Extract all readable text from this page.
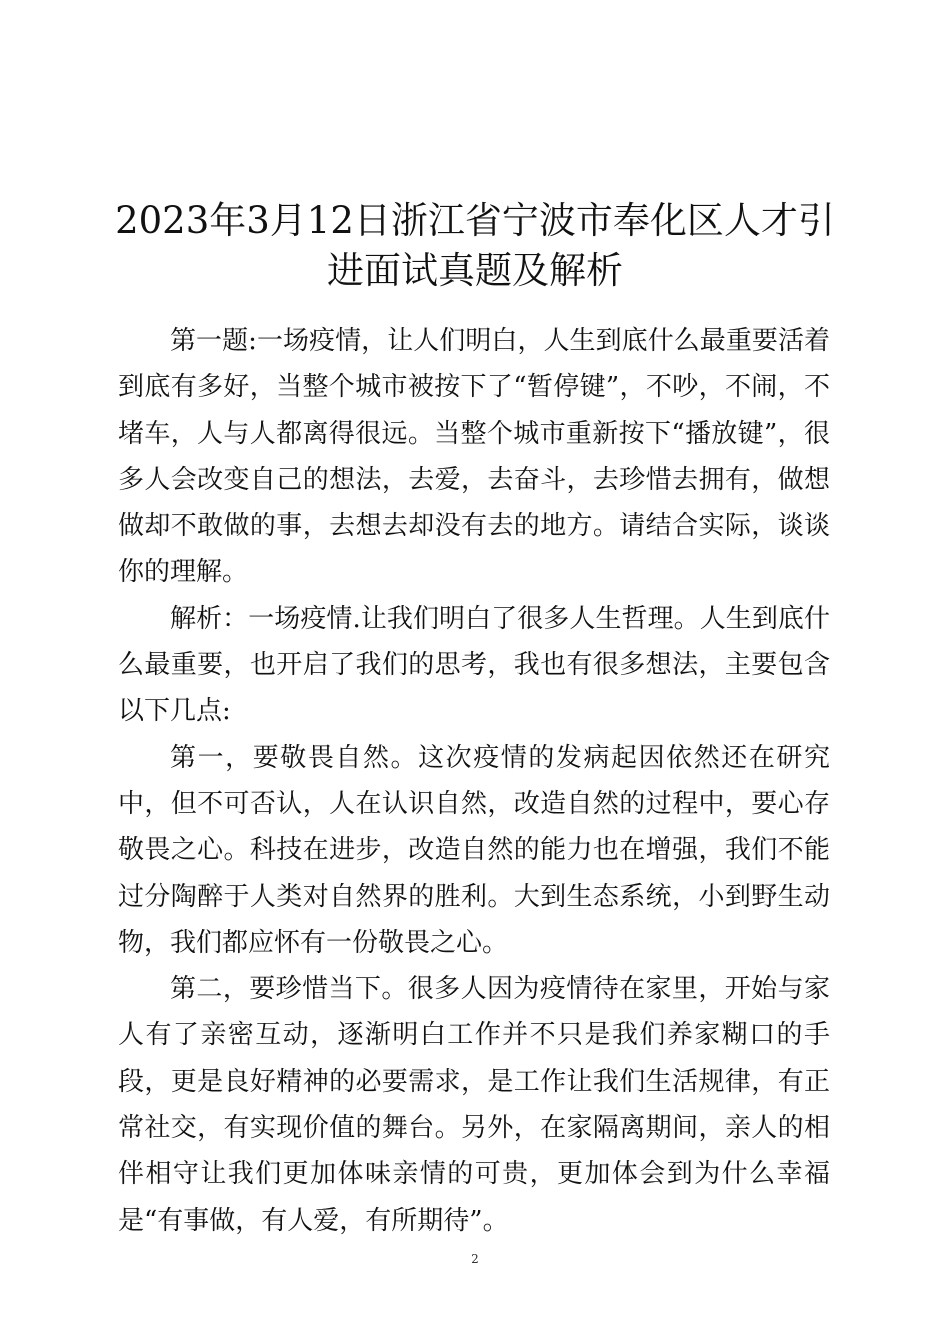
2023年3月12日浙江省宁波市奉化区人才引进面试真题及解析

第一题:一场疫情，让人们明白，人生到底什么最重要活着到底有多好，当整个城市被按下了“暂停键”，不吵，不闹，不堵车，人与人都离得很远。当整个城市重新按下“播放键”，很多人会改变自己的想法，去爱，去奋斗，去珍惜去拥有，做想做却不敢做的事，去想去却没有去的地方。请结合实际，谈谈你的理解。

解析：一场疫情.让我们明白了很多人生哲理。人生到底什么最重要，也开启了我们的思考，我也有很多想法，主要包含以下几点:

第一，要敬畏自然。这次疫情的发病起因依然还在研究中，但不可否认，人在认识自然，改造自然的过程中，要心存敬畏之心。科技在进步，改造自然的能力也在增强，我们不能过分陶醉于人类对自然界的胜利。大到生态系统，小到野生动物，我们都应怀有一份敬畏之心。

第二，要珍惜当下。很多人因为疫情待在家里，开始与家人有了亲密互动，逐渐明白工作并不只是我们养家糊口的手段，更是良好精神的必要需求，是工作让我们生活规律，有正常社交，有实现价值的舞台。另外，在家隔离期间，亲人的相伴相守让我们更加体味亲情的可贵，更加体会到为什么幸福是“有事做，有人爱，有所期待”。

2
